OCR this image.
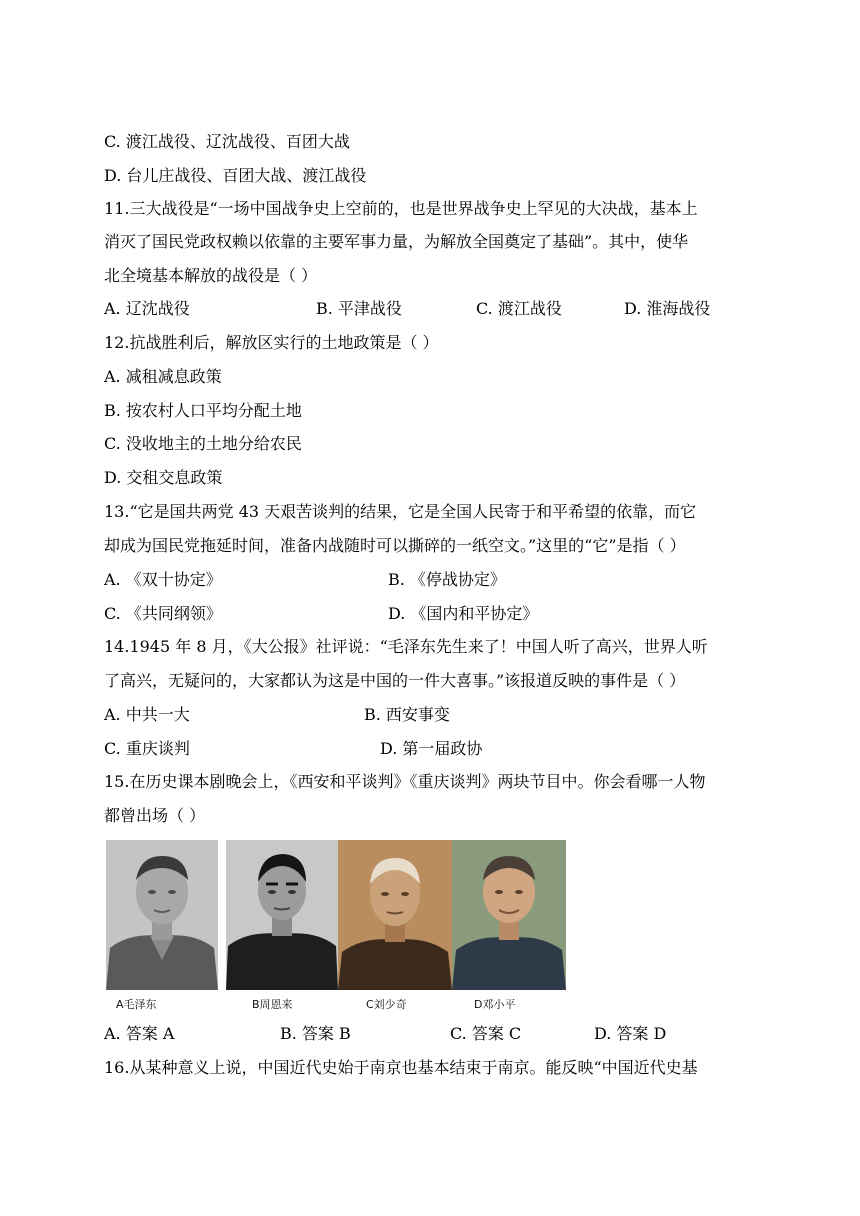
C. 渡江战役、辽沈战役、百团大战
D. 台儿庄战役、百团大战、渡江战役
11.三大战役是“一场中国战争史上空前的，也是世界战争史上罕见的大决战，基本上
消灭了国民党政权赖以依靠的主要军事力量，为解放全国奠定了基础”。其中，使华
北全境基本解放的战役是（ ）
A. 辽沈战役	B. 平津战役	C. 渡江战役	D. 淮海战役
12.抗战胜利后，解放区实行的土地政策是（ ）
A. 减租减息政策
B. 按农村人口平均分配土地
C. 没收地主的土地分给农民
D. 交租交息政策
13.“它是国共两党 43 天艰苦谈判的结果，它是全国人民寄于和平希望的依靠，而它
却成为国民党拖延时间，准备内战随时可以撕碎的一纸空文。”这里的“它”是指（ ）
A. 《双十协定》	B. 《停战协定》
C. 《共同纲领》	D. 《国内和平协定》
14.1945 年 8 月，《大公报》社评说：“毛泽东先生来了！中国人听了高兴，世界人听
了高兴，无疑问的，大家都认为这是中国的一件大喜事。”该报道反映的事件是（ ）
A. 中共一大	B. 西安事变
C. 重庆谈判	D. 第一届政协
15.在历史课本剧晚会上，《西安和平谈判》《重庆谈判》两块节目中。你会看哪一人物
都曾出场（ ）
A毛泽东	B周恩来	C刘少奇	D邓小平
A. 答案 A	B. 答案 B	C. 答案 C	D. 答案 D
16.从某种意义上说，中国近代史始于南京也基本结束于南京。能反映“中国近代史基
